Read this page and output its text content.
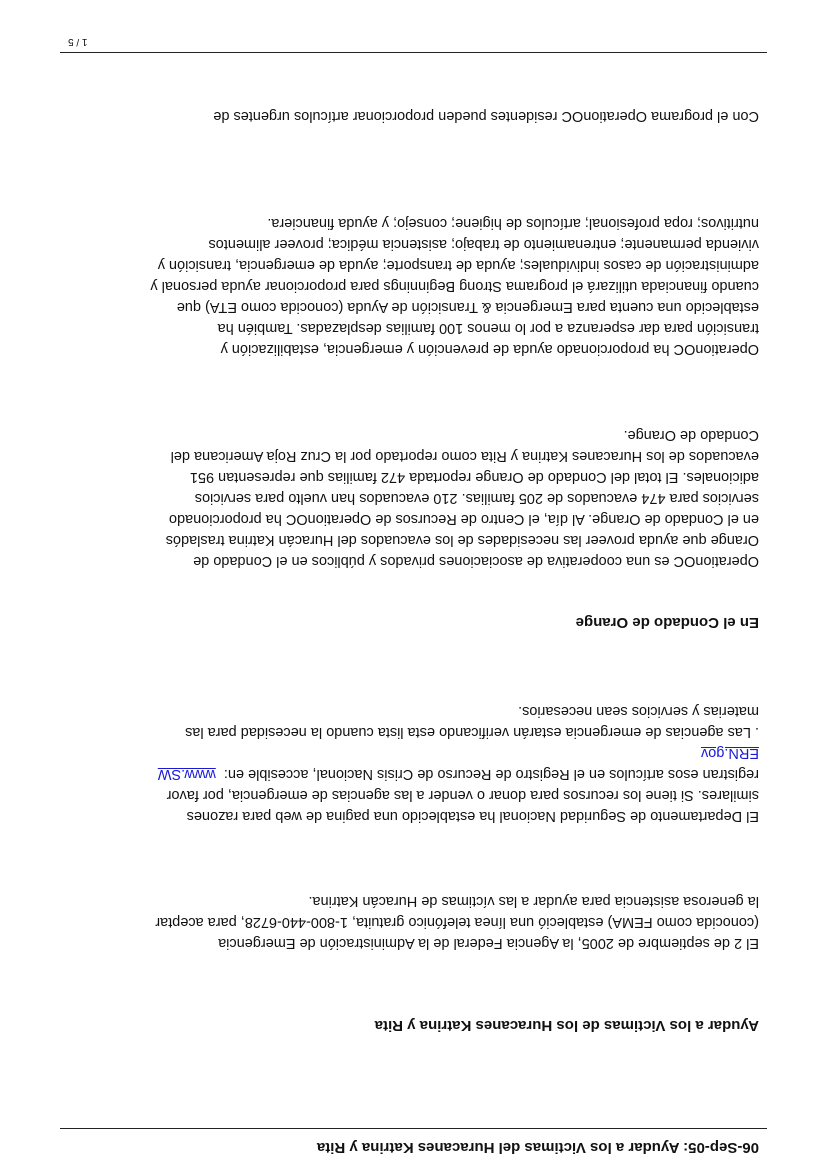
06-Sep-05: Ayudar a los Victimas del Huracanes Katrina y Rita
Ayudar a los Victimas de los Huracanes Katrina y Rita
El 2 de septiembre de 2005, la Agencia Federal de la Administración de Emergencia
(conocida como FEMA) estableció una línea telefónico gratuita, 1-800-440-6728, para aceptar
la generosa asistencia para ayudar a las víctimas de Huracán Katrina.
El Departamento de Seguridad Nacional ha establecido una pagina de web para razones
similares. Si tiene los recursos para donar o vender a las agencias de emergencia, por favor
registran esos artículos en el Registro de Recurso de Crisis Nacional, accesible en:  www.SW
ERN.gov
. Las agencias de emergencia estarán verificando esta lista cuando la necesidad para las
materias y servicios sean necesarios.
En el Condado de Orange
OperationOC es una cooperativa de asociaciones privados y públicos en el Condado de
Orange que ayuda proveer las necesidades de los evacuados del Huracán Katrina trasladós
en el Condado de Orange. Al día, el Centro de Recursos de OperationOC ha proporcionado
servicios para 474 evacuados de 205 familias. 210 evacuados han vuelto para servicios
adicionales. El total del Condado de Orange reportada 472 familias que representan 951
evacuados de los Huracanes Katrina y Rita como reportado por la Cruz Roja Americana del
Condado de Orange.
OperationOC ha proporcionado ayuda de prevención y emergencia, estabilización y
transición para dar esperanza a por lo menos 100 familias desplazadas. También ha
establecido una cuenta para Emergencia & Transición de Ayuda (conocida como ETA) que
cuando financiada utilizará el programa Strong Beginnings para proporcionar ayuda personal y
administración de casos individuales; ayuda de transporte; ayuda de emergencia, transición y
vivienda permanente; entrenamiento de trabajo; asistencia médica; proveer alimentos
nutritivos; ropa profesional; artículos de higiene; consejo; y ayuda financiera.
Con el programa OperationOC residentes pueden proporcionar artículos urgentes de
1 / 5
